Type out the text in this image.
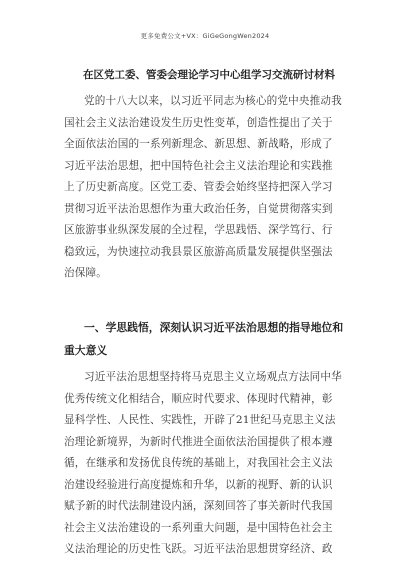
更多免费公文+VX：GiGeGongWen2024
在区党工委、管委会理论学习中心组学习交流研讨材料
党的十八大以来，以习近平同志为核心的党中央推动我
国社会主义法治建设发生历史性变革，创造性提出了关于
全面依法治国的一系列新理念、新思想、新战略，形成了
习近平法治思想，把中国特色社会主义法治理论和实践推
上了历史新高度。区党工委、管委会始终坚持把深入学习
贯彻习近平法治思想作为重大政治任务，自觉贯彻落实到
区旅游事业纵深发展的全过程，学思践悟、深学笃行、行
稳致远，为快速拉动我县景区旅游高质量发展提供坚强法
治保障。
一、学思践悟，深刻认识习近平法治思想的指导地位和
重大意义
习近平法治思想坚持将马克思主义立场观点方法同中华
优秀传统文化相结合，顺应时代要求、体现时代精神，彰
显科学性、人民性、实践性，开辟了21世纪马克思主义法
治理论新境界，为新时代推进全面依法治国提供了根本遵
循，在继承和发扬优良传统的基础上，对我国社会主义法
治建设经验进行高度提炼和升华，以新的视野、新的认识
赋予新的时代法制建设内涵，深刻回答了事关新时代我国
社会主义法治建设的一系列重大问题，是中国特色社会主
义法治理论的历史性飞跃。习近平法治思想贯穿经济、政
